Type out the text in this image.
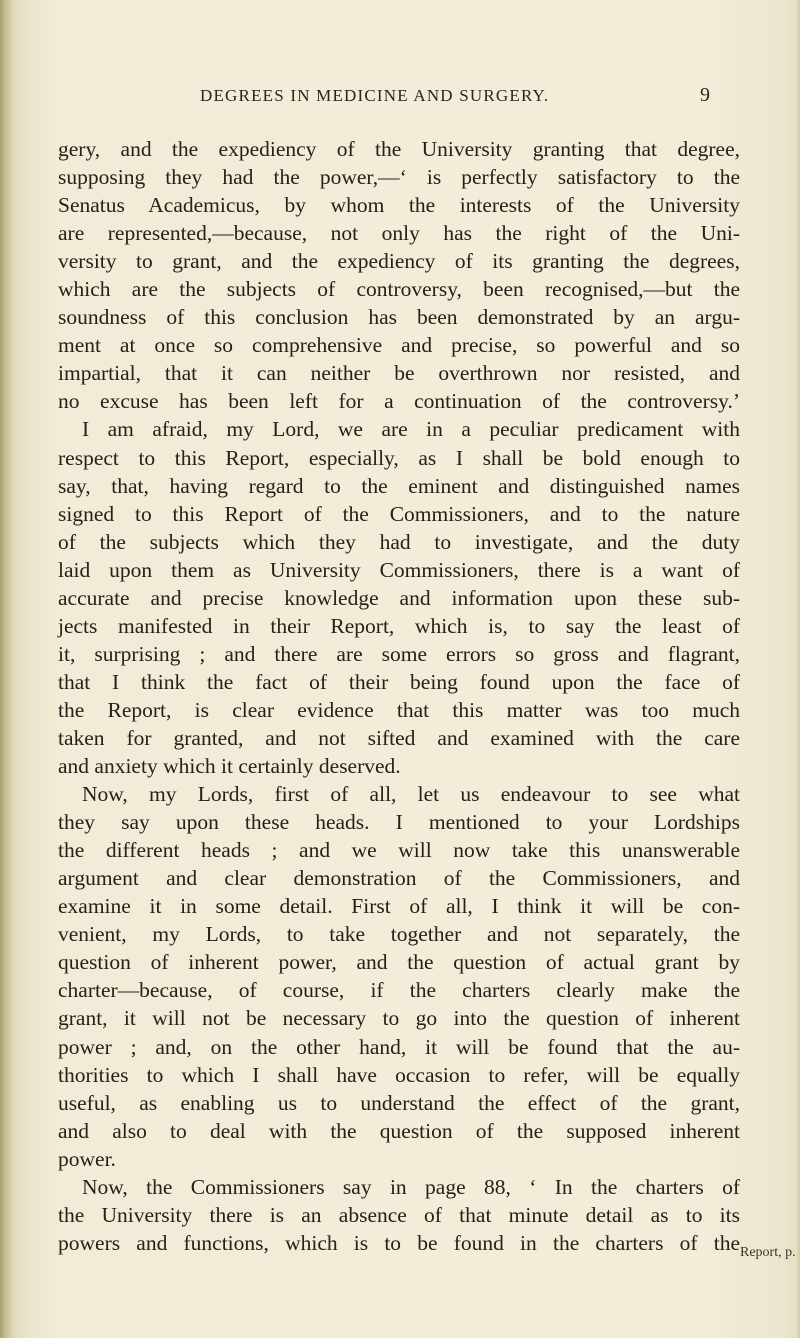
DEGREES IN MEDICINE AND SURGERY.	9
gery, and the expediency of the University granting that degree,
supposing they had the power,—‘ is perfectly satisfactory to the
Senatus Academicus, by whom the interests of the University
are represented,—because, not only has the right of the Uni-
versity to grant, and the expediency of its granting the degrees,
which are the subjects of controversy, been recognised,—but the
soundness of this conclusion has been demonstrated by an argu-
ment at once so comprehensive and precise, so powerful and so
impartial, that it can neither be overthrown nor resisted, and
no excuse has been left for a continuation of the controversy.’
I am afraid, my Lord, we are in a peculiar predicament with
respect to this Report, especially, as I shall be bold enough to
say, that, having regard to the eminent and distinguished names
signed to this Report of the Commissioners, and to the nature
of the subjects which they had to investigate, and the duty
laid upon them as University Commissioners, there is a want of
accurate and precise knowledge and information upon these sub-
jects manifested in their Report, which is, to say the least of
it, surprising ; and there are some errors so gross and flagrant,
that I think the fact of their being found upon the face of
the Report, is clear evidence that this matter was too much
taken for granted, and not sifted and examined with the care
and anxiety which it certainly deserved.
Now, my Lords, first of all, let us endeavour to see what
they say upon these heads. I mentioned to your Lordships
the different heads ; and we will now take this unanswerable
argument and clear demonstration of the Commissioners, and
examine it in some detail. First of all, I think it will be con-
venient, my Lords, to take together and not separately, the
question of inherent power, and the question of actual grant by
charter—because, of course, if the charters clearly make the
grant, it will not be necessary to go into the question of inherent
power ; and, on the other hand, it will be found that the au-
thorities to which I shall have occasion to refer, will be equally
useful, as enabling us to understand the effect of the grant,
and also to deal with the question of the supposed inherent
power.
Now, the Commissioners say in page 88, ‘ In the charters of
the University there is an absence of that minute detail as to its
powers and functions, which is to be found in the charters of the Report, p.
